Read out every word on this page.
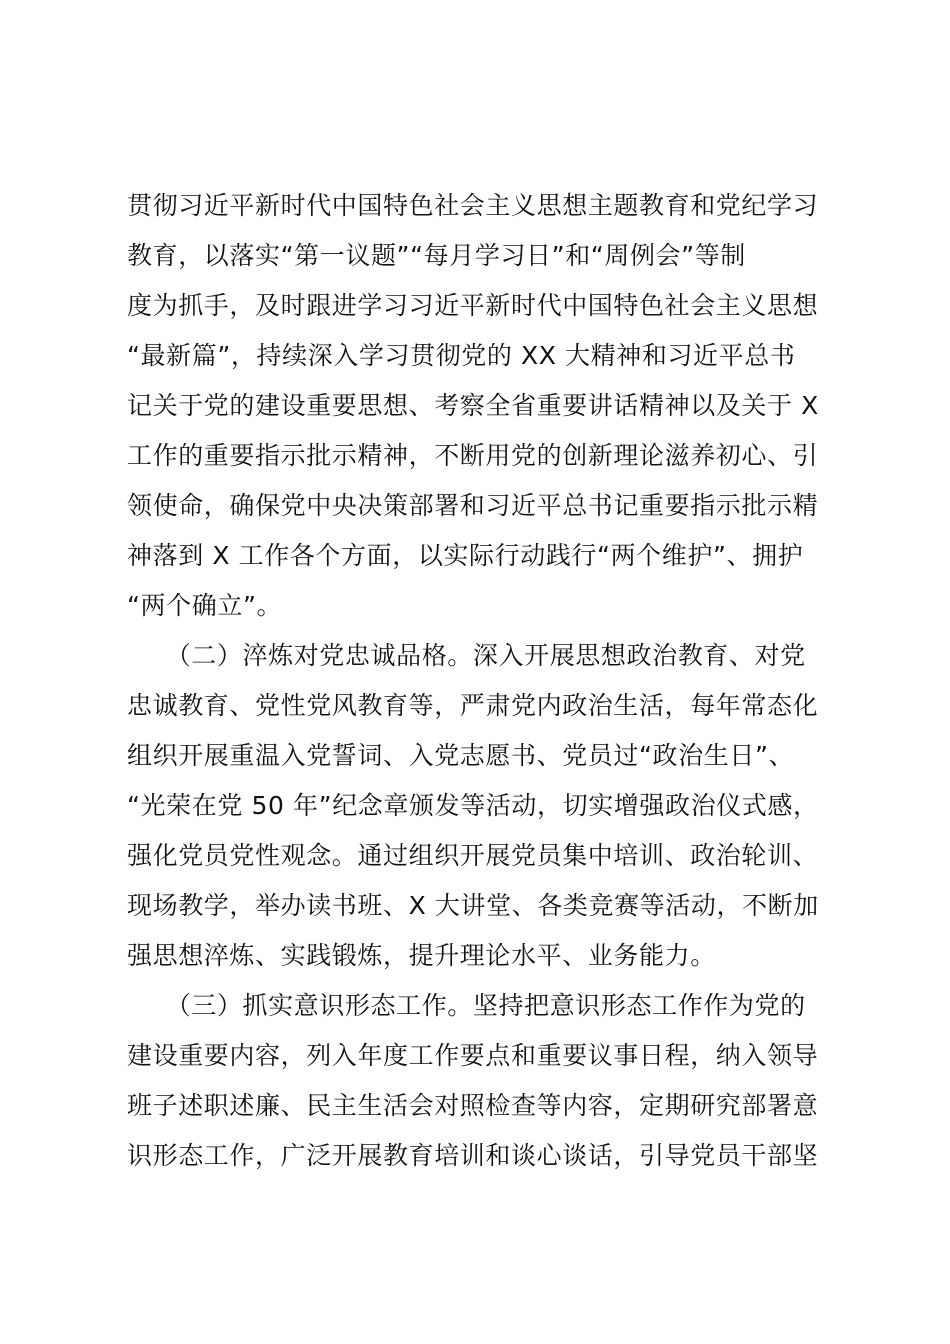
贯彻习近平新时代中国特色社会主义思想主题教育和党纪学习

教育，以落实“第一议题”“每月学习日”和“周例会”等制

度为抓手，及时跟进学习习近平新时代中国特色社会主义思想

“最新篇”，持续深入学习贯彻党的 XX 大精神和习近平总书

记关于党的建设重要思想、考察全省重要讲话精神以及关于 X

工作的重要指示批示精神，不断用党的创新理论滋养初心、引

领使命，确保党中央决策部署和习近平总书记重要指示批示精

神落到 X 工作各个方面，以实际行动践行“两个维护”、拥护

“两个确立”。

　　（二）淬炼对党忠诚品格。深入开展思想政治教育、对党

忠诚教育、党性党风教育等，严肃党内政治生活，每年常态化

组织开展重温入党誓词、入党志愿书、党员过“政治生日”、

“光荣在党 50 年”纪念章颁发等活动，切实增强政治仪式感，

强化党员党性观念。通过组织开展党员集中培训、政治轮训、

现场教学，举办读书班、X 大讲堂、各类竞赛等活动，不断加

强思想淬炼、实践锻炼，提升理论水平、业务能力。

　　（三）抓实意识形态工作。坚持把意识形态工作作为党的

建设重要内容，列入年度工作要点和重要议事日程，纳入领导

班子述职述廉、民主生活会对照检查等内容，定期研究部署意

识形态工作，广泛开展教育培训和谈心谈话，引导党员干部坚
